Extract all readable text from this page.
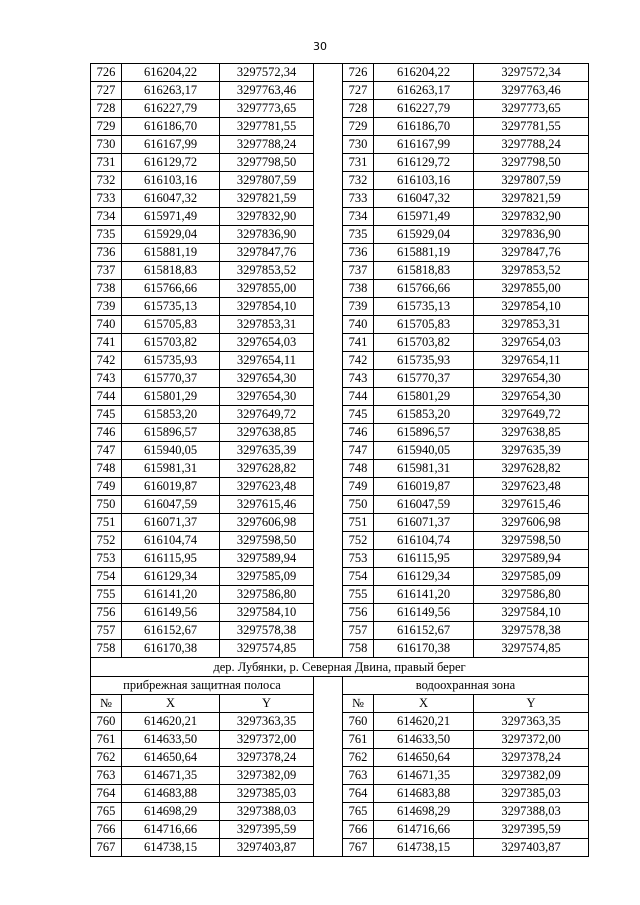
30
726	616204,22	3297572,34		726	616204,22	3297572,34
727	616263,17	3297763,46		727	616263,17	3297763,46
728	616227,79	3297773,65		728	616227,79	3297773,65
729	616186,70	3297781,55		729	616186,70	3297781,55
730	616167,99	3297788,24		730	616167,99	3297788,24
731	616129,72	3297798,50		731	616129,72	3297798,50
732	616103,16	3297807,59		732	616103,16	3297807,59
733	616047,32	3297821,59		733	616047,32	3297821,59
734	615971,49	3297832,90		734	615971,49	3297832,90
735	615929,04	3297836,90		735	615929,04	3297836,90
736	615881,19	3297847,76		736	615881,19	3297847,76
737	615818,83	3297853,52		737	615818,83	3297853,52
738	615766,66	3297855,00		738	615766,66	3297855,00
739	615735,13	3297854,10		739	615735,13	3297854,10
740	615705,83	3297853,31		740	615705,83	3297853,31
741	615703,82	3297654,03		741	615703,82	3297654,03
742	615735,93	3297654,11		742	615735,93	3297654,11
743	615770,37	3297654,30		743	615770,37	3297654,30
744	615801,29	3297654,30		744	615801,29	3297654,30
745	615853,20	3297649,72		745	615853,20	3297649,72
746	615896,57	3297638,85		746	615896,57	3297638,85
747	615940,05	3297635,39		747	615940,05	3297635,39
748	615981,31	3297628,82		748	615981,31	3297628,82
749	616019,87	3297623,48		749	616019,87	3297623,48
750	616047,59	3297615,46		750	616047,59	3297615,46
751	616071,37	3297606,98		751	616071,37	3297606,98
752	616104,74	3297598,50		752	616104,74	3297598,50
753	616115,95	3297589,94		753	616115,95	3297589,94
754	616129,34	3297585,09		754	616129,34	3297585,09
755	616141,20	3297586,80		755	616141,20	3297586,80
756	616149,56	3297584,10		756	616149,56	3297584,10
757	616152,67	3297578,38		757	616152,67	3297578,38
758	616170,38	3297574,85		758	616170,38	3297574,85
дер. Лубянки, р. Северная Двина, правый берег						
прибрежная защитная полоса				водоохранная зона		
№	X	Y		№	X	Y
760	614620,21	3297363,35		760	614620,21	3297363,35
761	614633,50	3297372,00		761	614633,50	3297372,00
762	614650,64	3297378,24		762	614650,64	3297378,24
763	614671,35	3297382,09		763	614671,35	3297382,09
764	614683,88	3297385,03		764	614683,88	3297385,03
765	614698,29	3297388,03		765	614698,29	3297388,03
766	614716,66	3297395,59		766	614716,66	3297395,59
767	614738,15	3297403,87		767	614738,15	3297403,87
